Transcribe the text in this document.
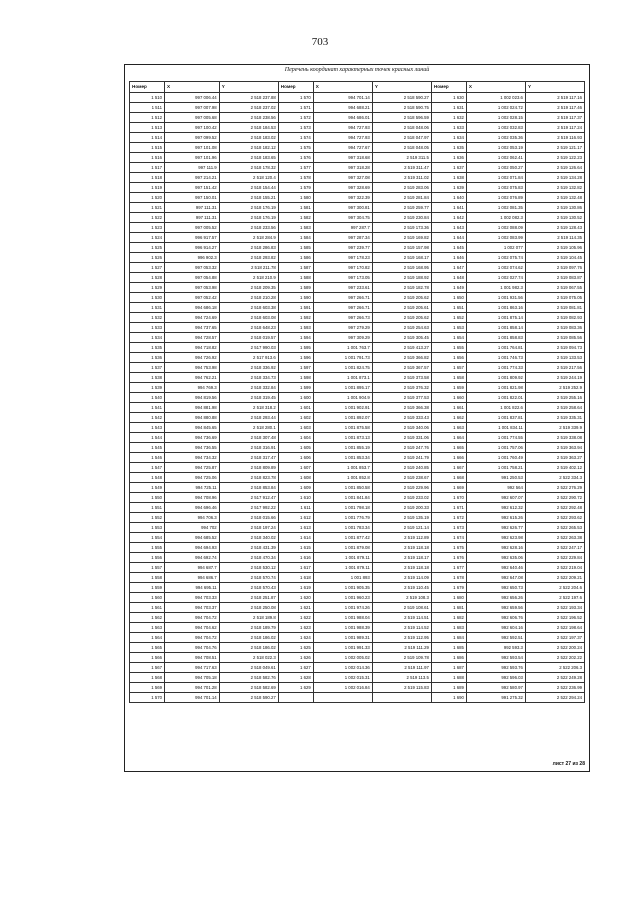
703
Перечень координат характерных точек красных линий
Номер	X	Y	Номер	X	Y	Номер	X	Y
1 510	997 006.44	2 518 237.88	1 570	994 701.14	2 518 590.27	1 630	1 002 023.6	2 519 117.16
1 511	997 007.98	2 518 237.02	1 571	994 688.21	2 518 590.75	1 631	1 002 024.72	2 519 117.46
1 512	997 005.68	2 518 238.56	1 572	994 686.01	2 518 596.59	1 632	1 002 028.15	2 519 117.37
1 513	997 100.42	2 518 184.53	1 573	994 727.93	2 518 048.06	1 633	1 002 032.83	2 519 117.24
1 514	997 099.52	2 518 183.02	1 574	994 727.93	2 518 047.97	1 634	1 002 035.36	2 519 116.93
1 515	997 101.08	2 518 182.12	1 575	994 727.67	2 518 048.05	1 635	1 002 053.19	2 519 121.17
1 516	997 101.96	2 518 183.65	1 576	997 318.68	2 519 311.5	1 636	1 002 062.41	2 519 122.23
1 517	997 111.9	2 518 178.32	1 577	997 318.28	2 519 311.47	1 637	1 002 050.27	2 519 126.64
1 518	997 214.21	2 518 120.4	1 578	997 327.08	2 519 311.02	1 638	1 002 071.84	2 519 134.28
1 519	997 151.42	2 518 154.44	1 579	997 328.69	2 519 283.06	1 639	1 002 075.83	2 519 132.82
1 520	997 150.01	2 518 155.21	1 580	997 322.39	2 519 281.84	1 640	1 002 076.89	2 519 132.48
1 521	997 111.31	2 518 176.19	1 581	997 300.81	2 519 259.77	1 641	1 002 081.35	2 519 130.86
1 522	997 111.31	2 518 176.19	1 582	997 304.75	2 519 230.84	1 642	1 002 082.3	2 519 130.52
1 523	997 005.52	2 518 233.56	1 583	997 287.7	2 519 173.36	1 643	1 002 088.09	2 519 128.43
1 524	996 917.57	2 518 284.9	1 584	997 287.34	2 519 169.82	1 644	1 002 083.99	2 519 114.35
1 525	996 914.27	2 518 286.83	1 585	997 239.77	2 519 157.98	1 645	1 002 077	2 519 105.96
1 526	996 902.3	2 518 293.82	1 586	997 178.23	2 519 168.17	1 646	1 002 075.74	2 519 104.45
1 527	997 053.32	2 518 211.78	1 587	997 170.82	2 519 168.95	1 647	1 002 074.62	2 519 097.76
1 528	997 054.88	2 518 210.9	1 588	997 173.05	2 519 188.92	1 648	1 002 027.74	2 519 083.87
1 529	997 053.98	2 518 209.35	1 589	997 233.61	2 519 182.78	1 649	1 001 982.3	2 519 067.55
1 530	997 052.42	2 518 210.28	1 590	997 266.71	2 519 205.62	1 650	1 001 931.56	2 519 075.05
1 531	994 686.18	2 518 603.38	1 591	997 266.71	2 519 205.61	1 651	1 001 863.16	2 519 081.81
1 532	994 724.69	2 518 603.08	1 592	997 266.73	2 519 205.62	1 652	1 001 875.14	2 519 082.93
1 533	994 737.65	2 518 648.23	1 593	997 279.29	2 519 254.63	1 653	1 001 858.14	2 519 083.36
1 534	994 728.57	2 518 019.57	1 594	997 309.29	2 519 305.45	1 654	1 001 858.83	2 519 085.56
1 535	994 718.82	2 517 990.03	1 595	1 001 763.7	2 519 413.27	1 655	1 001 764.81	2 519 094.73
1 536	994 726.92	2 517 913.6	1 596	1 001 791.73	2 519 366.82	1 656	1 001 746.73	2 519 133.53
1 537	994 753.98	2 518 336.92	1 597	1 001 824.75	2 519 367.57	1 657	1 001 774.33	2 519 217.56
1 538	994 762.21	2 518 334.73	1 598	1 001 873.1	2 519 373.58	1 658	1 001 809.92	2 519 244.19
1 539	994 769.3	2 518 332.84	1 599	1 001 895.17	2 519 376.32	1 659	1 001 821.98	2 519 252.9
1 540	994 819.56	2 518 319.45	1 600	1 001 904.9	2 519 377.53	1 660	1 001 822.01	2 519 255.16
1 541	994 881.98	2 518 318.2	1 601	1 001 902.91	2 519 366.38	1 661	1 001 822.6	2 519 258.64
1 542	994 880.88	2 518 293.44	1 602	1 001 892.07	2 519 333.43	1 662	1 001 837.81	2 519 335.31
1 543	994 845.65	2 518 280.1	1 603	1 001 875.58	2 519 340.06	1 663	1 001 834.11	2 519 339.9
1 544	994 736.69	2 518 307.48	1 604	1 001 873.13	2 519 331.06	1 664	1 001 774.55	2 519 338.08
1 545	994 736.55	2 518 316.91	1 605	1 001 855.19	2 519 247.76	1 665	1 001 757.06	2 519 363.94
1 546	994 734.32	2 518 317.47	1 606	1 001 853.34	2 519 241.79	1 666	1 001 760.49	2 519 363.27
1 547	994 725.87	2 518 809.89	1 607	1 001 853.7	2 519 240.85	1 667	1 001 758.21	2 519 402.12
1 548	994 725.06	2 518 823.78	1 608	1 001 852.8	2 519 238.67	1 668	991 250.53	2 522 334.3
1 549	994 725.11	2 518 853.84	1 609	1 001 850.58	2 519 229.96	1 669	992 564	2 522 276.29
1 550	994 708.96	2 517 912.47	1 610	1 001 841.84	2 519 233.02	1 670	992 607.07	2 522 290.72
1 551	994 696.46	2 517 992.22	1 611	1 001 798.18	2 519 200.33	1 671	992 612.32	2 522 292.48
1 552	994 706.3	2 518 015.66	1 612	1 001 776.79	2 519 135.19	1 672	992 615.26	2 522 293.62
1 553	994 702	2 518 197.24	1 613	1 001 783.34	2 519 121.14	1 673	992 626.77	2 522 265.53
1 554	994 685.52	2 518 340.02	1 614	1 001 877.42	2 519 112.89	1 674	992 623.98	2 522 263.38
1 555	994 694.93	2 518 431.39	1 615	1 001 879.08	2 519 118.18	1 675	992 628.16	2 522 247.17
1 556	994 692.74	2 518 470.34	1 616	1 001 879.11	2 519 118.17	1 676	992 635.06	2 522 229.84
1 557	994 687.7	2 518 530.12	1 617	1 001 879.11	2 519 118.18	1 677	992 640.46	2 522 219.04
1 558	994 686.7	2 518 570.74	1 618	1 001 893	2 519 114.09	1 678	992 647.08	2 522 209.21
1 559	994 695.11	2 518 570.43	1 619	1 001 905.35	2 519 110.45	1 679	992 650.73	2 522 204.6
1 560	994 703.33	2 518 251.87	1 620	1 001 960.23	2 519 108.3	1 680	992 656.26	2 522 197.6
1 561	994 703.37	2 518 250.08	1 621	1 001 974.26	2 519 108.61	1 681	992 659.56	2 522 193.34
1 562	994 704.72	2 518 189.8	1 622	1 001 988.04	2 519 114.51	1 682	992 606.76	2 522 196.52
1 563	994 704.62	2 518 189.79	1 623	1 001 988.39	2 519 114.52	1 683	992 604.16	2 522 198.64
1 564	994 704.72	2 518 186.02	1 624	1 001 989.31	2 519 112.95	1 684	992 592.51	2 522 197.37
1 565	994 704.76	2 518 186.02	1 625	1 001 991.33	2 519 111.29	1 685	992 593.3	2 522 200.24
1 566	994 708.51	2 518 022.3	1 626	1 002 005.02	2 519 109.78	1 686	992 593.54	2 522 202.22
1 567	994 717.63	2 518 049.61	1 627	1 002 014.36	2 519 111.97	1 687	992 593.76	2 522 206.3
1 568	994 705.18	2 518 582.76	1 628	1 002 015.31	2 519 113.5	1 688	992 596.03	2 522 249.28
1 569	994 701.28	2 518 582.69	1 629	1 002 016.84	2 519 115.83	1 689	992 580.97	2 522 236.99
1 570	994 701.14	2 518 590.27				1 690	991 275.32	2 522 294.24
лист 27 из 28
